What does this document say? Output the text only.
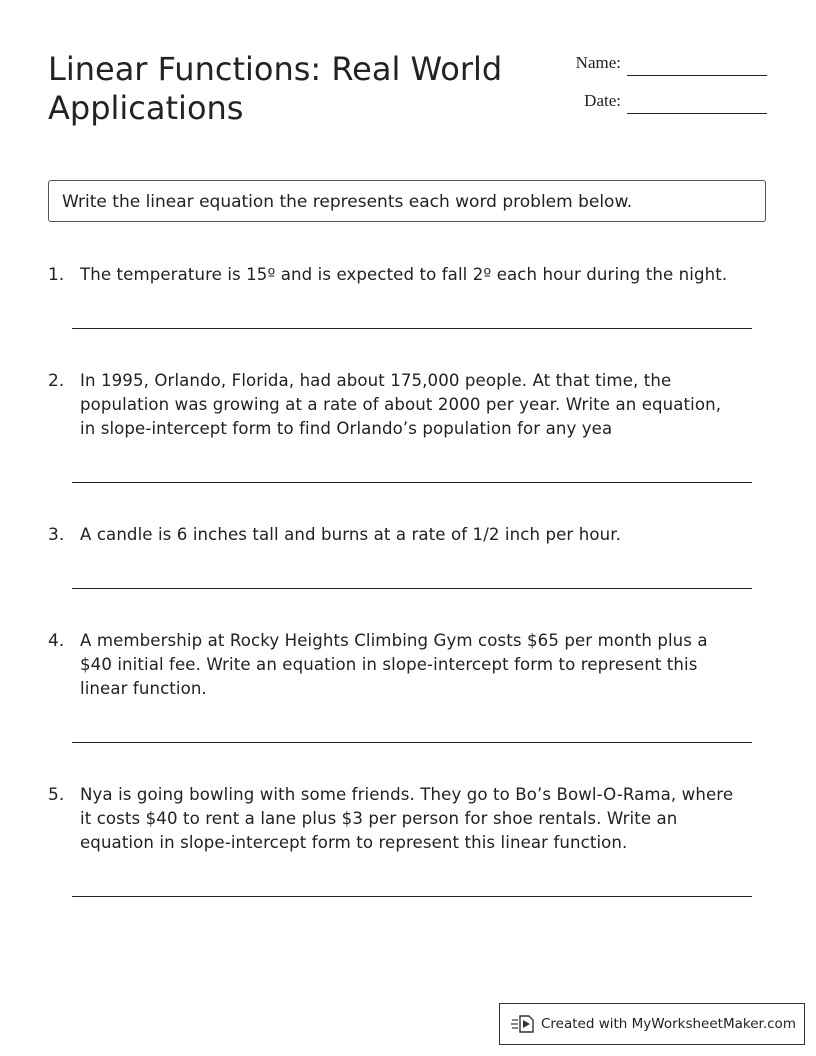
Linear Functions: Real World Applications
Name:
Date:
Write the linear equation the represents each word problem below.
1. The temperature is 15º and is expected to fall 2º each hour during the night.
2. In 1995, Orlando, Florida, had about 175,000 people. At that time, the
population was growing at a rate of about 2000 per year. Write an equation,
in slope-intercept form to find Orlando’s population for any yea
3. A candle is 6 inches tall and burns at a rate of 1/2 inch per hour.
4. A membership at Rocky Heights Climbing Gym costs $65 per month plus a
$40 initial fee. Write an equation in slope-intercept form to represent this
linear function.
5. Nya is going bowling with some friends. They go to Bo’s Bowl-O-Rama, where
it costs $40 to rent a lane plus $3 per person for shoe rentals. Write an
equation in slope-intercept form to represent this linear function.
Created with MyWorksheetMaker.com
